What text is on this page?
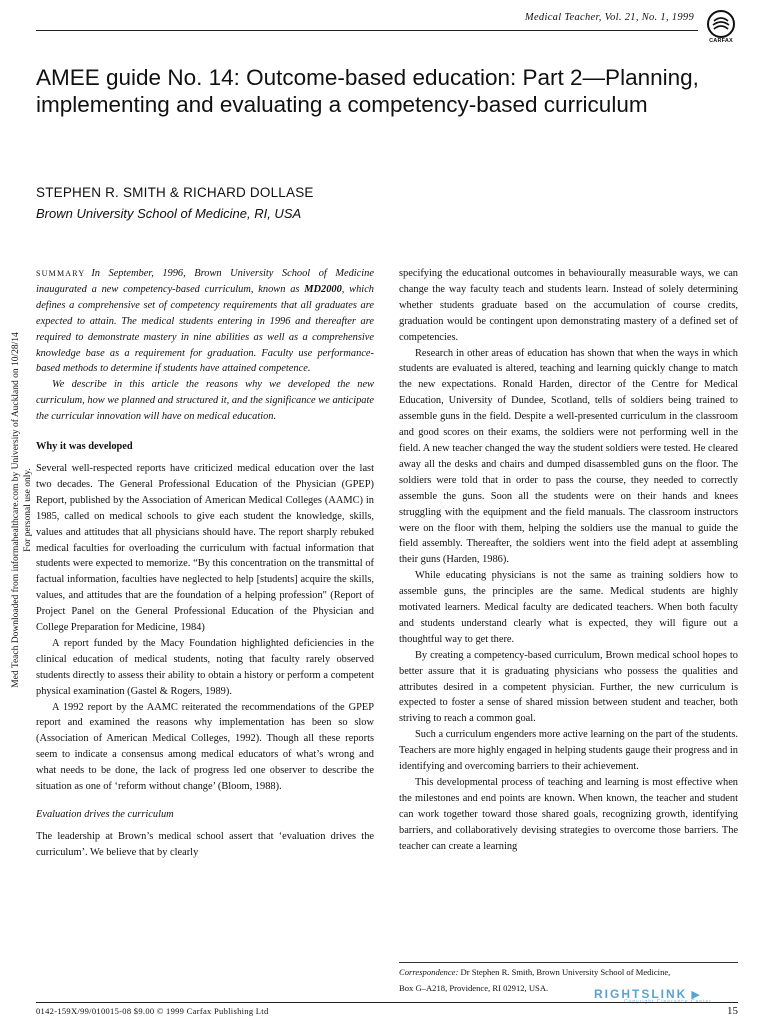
Medical Teacher, Vol. 21, No. 1, 1999
CARFAX
AMEE guide No. 14: Outcome-based education: Part 2—Planning, implementing and evaluating a competency-based curriculum
STEPHEN R. SMITH & RICHARD DOLLASE
Brown University School of Medicine, RI, USA
Med Teach Downloaded from informahealthcare.com by University of Auckland on 10/28/14 For personal use only.

SUMMARY In September, 1996, Brown University School of Medicine inaugurated a new competency-based curriculum, known as MD2000, which defines a comprehensive set of competency requirements that all graduates are expected to attain. The medical students entering in 1996 and thereafter are required to demonstrate mastery in nine abilities as well as a comprehensive knowledge base as a requirement for graduation. Faculty use performance-based methods to determine if students have attained competence.

We describe in this article the reasons why we developed the new curriculum, how we planned and structured it, and the significance we anticipate the curricular innovation will have on medical education.

Why it was developed

Several well-respected reports have criticized medical education over the last two decades. The General Professional Education of the Physician (GPEP) Report, published by the Association of American Medical Colleges (AAMC) in 1985, called on medical schools to give each student the knowledge, skills, values and attitudes that all physicians should have. The report sharply rebuked medical faculties for overloading the curriculum with factual information that students were expected to memorize. “By this concentration on the transmittal of factual information, faculties have neglected to help [students] acquire the skills, values, and attitudes that are the foundation of a helping profession" (Report of Project Panel on the General Professional Education of the Physician and College Preparation for Medicine, 1984)

A report funded by the Macy Foundation highlighted deficiencies in the clinical education of medical students, noting that faculty rarely observed students directly to assess their ability to obtain a history or perform a competent physical examination (Gastel & Rogers, 1989).

A 1992 report by the AAMC reiterated the recommendations of the GPEP report and examined the reasons why implementation has been so slow (Association of American Medical Colleges, 1992). Though all these reports seem to indicate a consensus among medical educators of what’s wrong and what needs to be done, the lack of progress led one observer to describe the situation as one of ‘reform without change’ (Bloom, 1988).

Evaluation drives the curriculum

The leadership at Brown’s medical school assert that ‘evaluation drives the curriculum’. We believe that by clearly

specifying the educational outcomes in behaviourally measurable ways, we can change the way faculty teach and students learn. Instead of solely determining whether students graduate based on the accumulation of course credits, graduation would be contingent upon demonstrating mastery of a defined set of competencies.

Research in other areas of education has shown that when the ways in which students are evaluated is altered, teaching and learning quickly change to match the new expectations. Ronald Harden, director of the Centre for Medical Education, University of Dundee, Scotland, tells of soldiers being trained to assemble guns in the field. Despite a well-presented curriculum in the classroom and good scores on their exams, the soldiers were not performing well in the field. A new teacher changed the way the student soldiers were tested. He cleared away all the desks and chairs and dumped disassembled guns on the floor. The soldiers were told that in order to pass the course, they needed to correctly assemble the guns. Soon all the students were on their hands and knees struggling with the equipment and the field manuals. The classroom instructors were on the floor with them, helping the soldiers use the manual to guide the field assembly. Thereafter, the soldiers went into the field adept at assembling their guns (Harden, 1986).

While educating physicians is not the same as training soldiers how to assemble guns, the principles are the same. Medical students are highly motivated learners. Medical faculty are dedicated teachers. When both faculty and students understand clearly what is expected, they will figure out a thoughtful way to get there.

By creating a competency-based curriculum, Brown medical school hopes to better assure that it is graduating physicians who possess the qualities and attributes desired in a competent physician. Further, the new curriculum is expected to foster a sense of shared mission between student and teacher, both striving to reach a common goal.

Such a curriculum engenders more active learning on the part of the students. Teachers are more highly engaged in helping students gauge their progress and in identifying and overcoming barriers to their achievement.

This developmental process of teaching and learning is most effective when the milestones and end points are known. When known, the teacher and student can work together toward those shared goals, recognizing growth, identifying barriers, and collaboratively devising strategies to overcome those barriers. The teacher can create a learning

Correspondence: Dr Stephen R. Smith, Brown University School of Medicine,
Box G–A218, Providence, RI 02912, USA.	RIGHTSLINK ▶
Copyright Clearance Center
0142-159X/99/010015-08 $9.00 © 1999 Carfax Publishing Ltd	15
